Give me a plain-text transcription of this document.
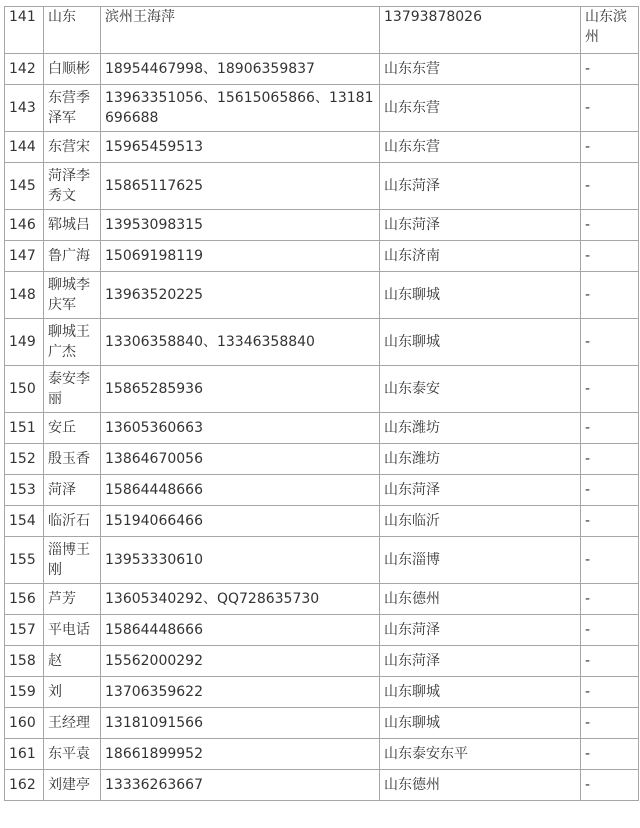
141	山东	滨州王海萍	13793878026	山东滨州
142	白顺彬	18954467998、18906359837	山东东营	-
143	东营季泽军	13963351056、15615065866、13181696688	山东东营	-
144	东营宋	15965459513	山东东营	-
145	菏泽李秀文	15865117625	山东菏泽	-
146	郓城吕	13953098315	山东菏泽	-
147	鲁广海	15069198119	山东济南	-
148	聊城李庆军	13963520225	山东聊城	-
149	聊城王广杰	13306358840、13346358840	山东聊城	-
150	泰安李丽	15865285936	山东泰安	-
151	安丘	13605360663	山东潍坊	-
152	殷玉香	13864670056	山东潍坊	-
153	菏泽	15864448666	山东菏泽	-
154	临沂石	15194066466	山东临沂	-
155	淄博王刚	13953330610	山东淄博	-
156	芦芳	13605340292、QQ728635730	山东德州	-
157	平电话	15864448666	山东菏泽	-
158	赵	15562000292	山东菏泽	-
159	刘	13706359622	山东聊城	-
160	王经理	13181091566	山东聊城	-
161	东平袁	18661899952	山东泰安东平	-
162	刘建亭	13336263667	山东德州	-
